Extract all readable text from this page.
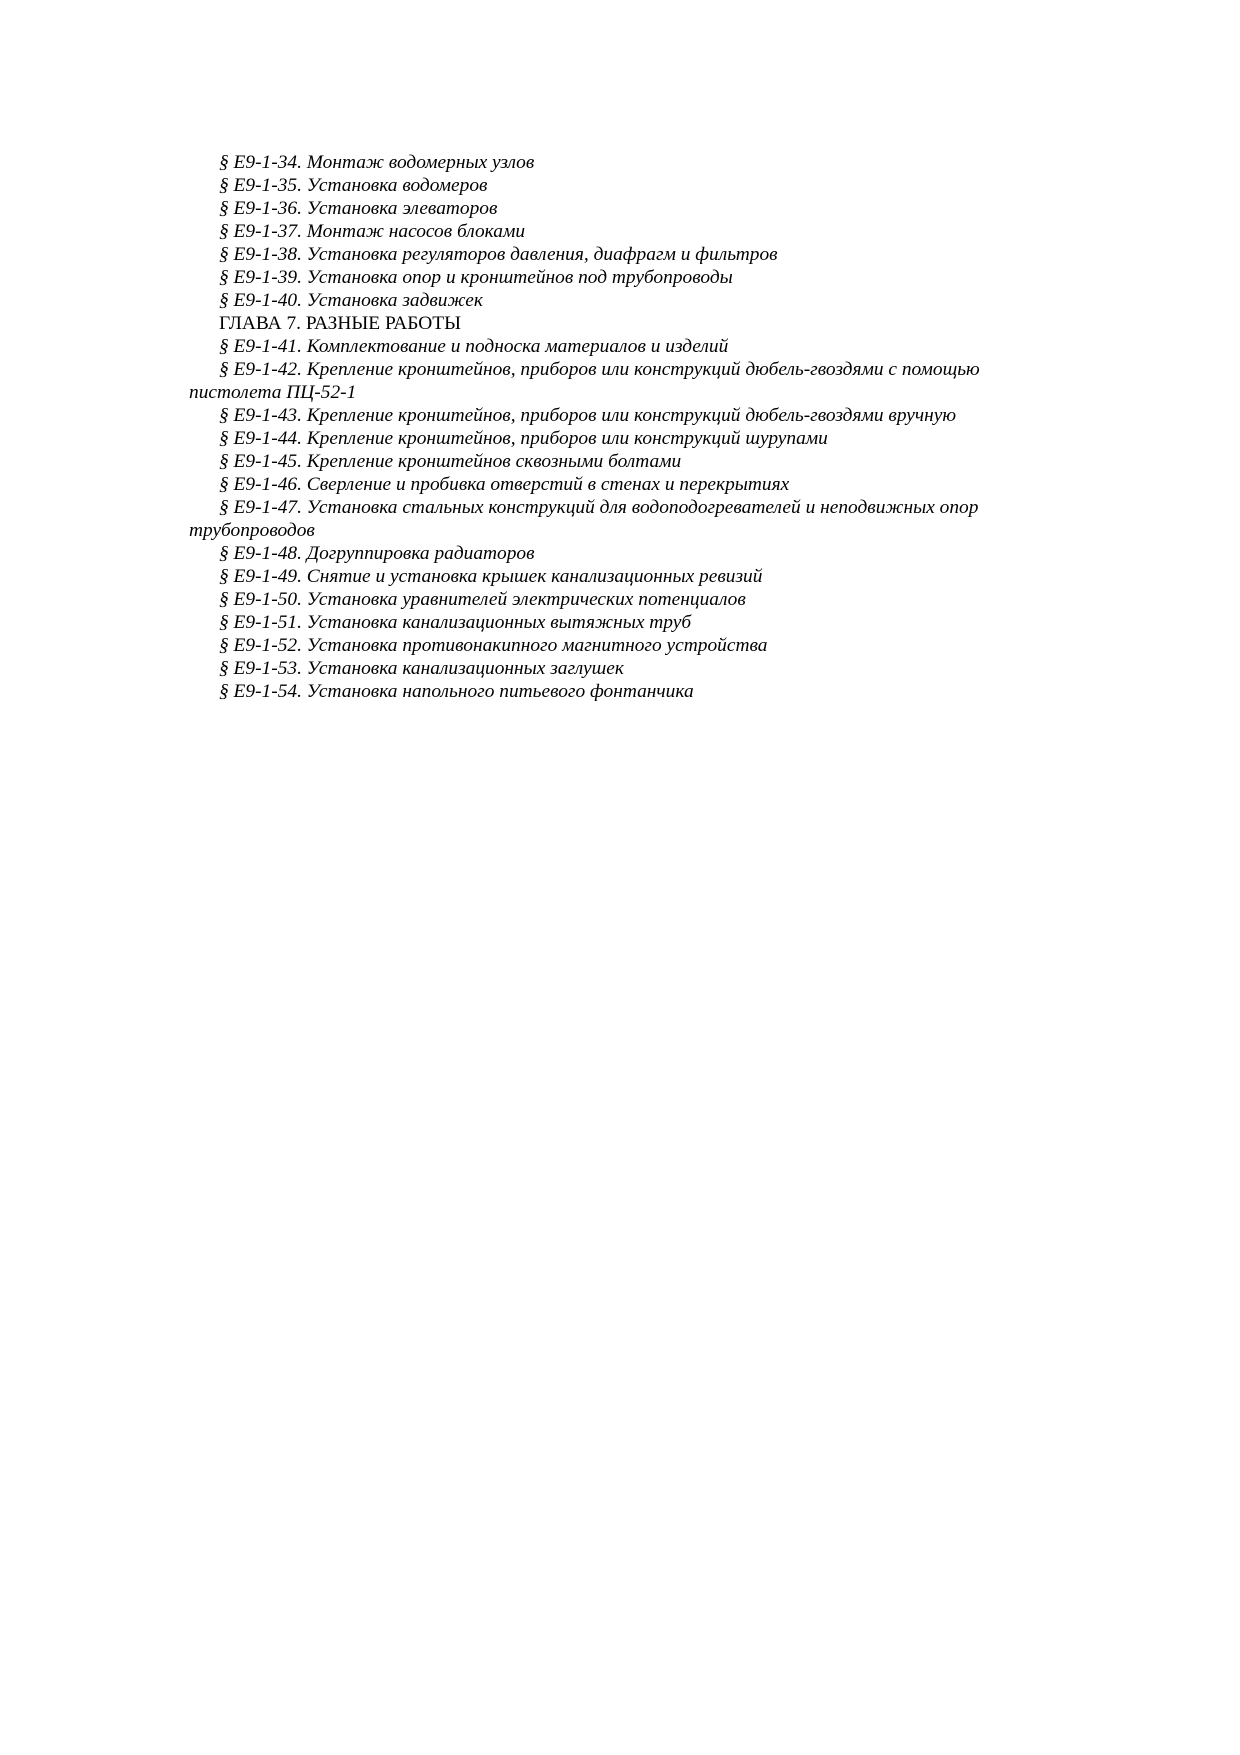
§ Е9-1-34. Монтаж водомерных узлов

§ Е9-1-35. Установка водомеров

§ Е9-1-36. Установка элеваторов

§ Е9-1-37. Монтаж насосов блоками

§ Е9-1-38. Установка регуляторов давления, диафрагм и фильтров

§ Е9-1-39. Установка опор и кронштейнов под трубопроводы

§ Е9-1-40. Установка задвижек

ГЛАВА 7. РАЗНЫЕ РАБОТЫ

§ Е9-1-41. Комплектование и подноска материалов и изделий

§ Е9-1-42. Крепление кронштейнов, приборов или конструкций дюбель-гвоздями с помощью пистолета ПЦ-52-1

§ Е9-1-43. Крепление кронштейнов, приборов или конструкций дюбель-гвоздями вручную

§ Е9-1-44. Крепление кронштейнов, приборов или конструкций шурупами

§ Е9-1-45. Крепление кронштейнов сквозными болтами

§ Е9-1-46. Сверление и пробивка отверстий в стенах и перекрытиях

§ Е9-1-47. Установка стальных конструкций для водоподогревателей и неподвижных опор трубопроводов

§ Е9-1-48. Догруппировка радиаторов

§ Е9-1-49. Снятие и установка крышек канализационных ревизий

§ Е9-1-50. Установка уравнителей электрических потенциалов

§ Е9-1-51. Установка канализационных вытяжных труб

§ Е9-1-52. Установка противонакипного магнитного устройства

§ Е9-1-53. Установка канализационных заглушек

§ Е9-1-54. Установка напольного питьевого фонтанчика
